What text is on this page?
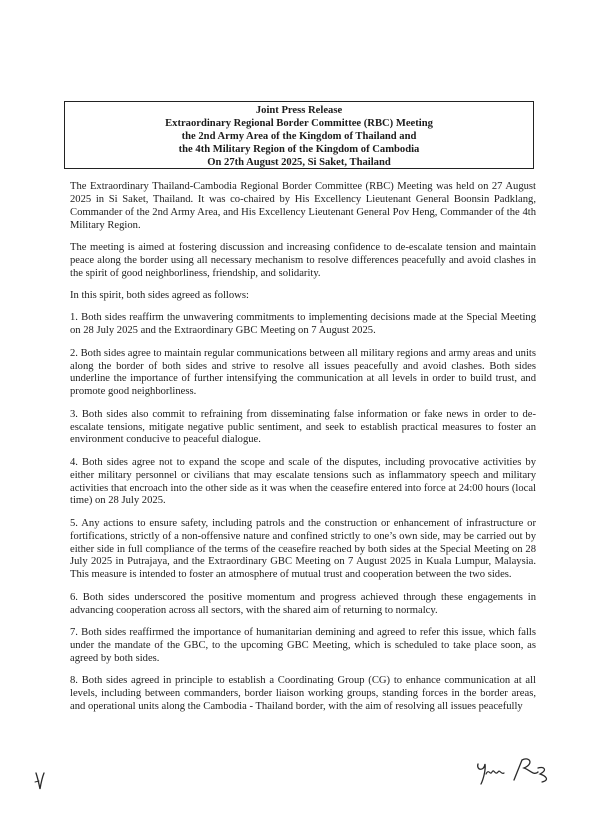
Joint Press Release
Extraordinary Regional Border Committee (RBC) Meeting
the 2nd Army Area of the Kingdom of Thailand and
the 4th Military Region of the Kingdom of Cambodia
On 27th August 2025, Si Saket, Thailand

The Extraordinary Thailand-Cambodia Regional Border Committee (RBC) Meeting was held on 27 August 2025 in Si Saket, Thailand. It was co-chaired by His Excellency Lieutenant General Boonsin Padklang, Commander of the 2nd Army Area, and His Excellency Lieutenant General Pov Heng, Commander of the 4th Military Region.

The meeting is aimed at fostering discussion and increasing confidence to de-escalate tension and maintain peace along the border using all necessary mechanism to resolve differences peacefully and avoid clashes in the spirit of good neighborliness, friendship, and solidarity.

In this spirit, both sides agreed as follows:

1. Both sides reaffirm the unwavering commitments to implementing decisions made at the Special Meeting on 28 July 2025 and the Extraordinary GBC Meeting on 7 August 2025.

2. Both sides agree to maintain regular communications between all military regions and army areas and units along the border of both sides and strive to resolve all issues peacefully and avoid clashes. Both sides underline the importance of further intensifying the communication at all levels in order to build trust, and promote good neighborliness.

3. Both sides also commit to refraining from disseminating false information or fake news in order to de-escalate tensions, mitigate negative public sentiment, and seek to establish practical measures to foster an environment conducive to peaceful dialogue.

4. Both sides agree not to expand the scope and scale of the disputes, including provocative activities by either military personnel or civilians that may escalate tensions such as inflammatory speech and military activities that encroach into the other side as it was when the ceasefire entered into force at 24:00 hours (local time) on 28 July 2025.

5. Any actions to ensure safety, including patrols and the construction or enhancement of infrastructure or fortifications, strictly of a non-offensive nature and confined strictly to one’s own side, may be carried out by either side in full compliance of the terms of the ceasefire reached by both sides at the Special Meeting on 28 July 2025 in Putrajaya, and the Extraordinary GBC Meeting on 7 August 2025 in Kuala Lumpur, Malaysia. This measure is intended to foster an atmosphere of mutual trust and cooperation between the two sides.

6. Both sides underscored the positive momentum and progress achieved through these engagements in advancing cooperation across all sectors, with the shared aim of returning to normalcy.

7. Both sides reaffirmed the importance of humanitarian demining and agreed to refer this issue, which falls under the mandate of the GBC, to the upcoming GBC Meeting, which is scheduled to take place soon, as agreed by both sides.

8. Both sides agreed in principle to establish a Coordinating Group (CG) to enhance communication at all levels, including between commanders, border liaison working groups, standing forces in the border areas, and operational units along the Cambodia - Thailand border, with the aim of resolving all issues peacefully
